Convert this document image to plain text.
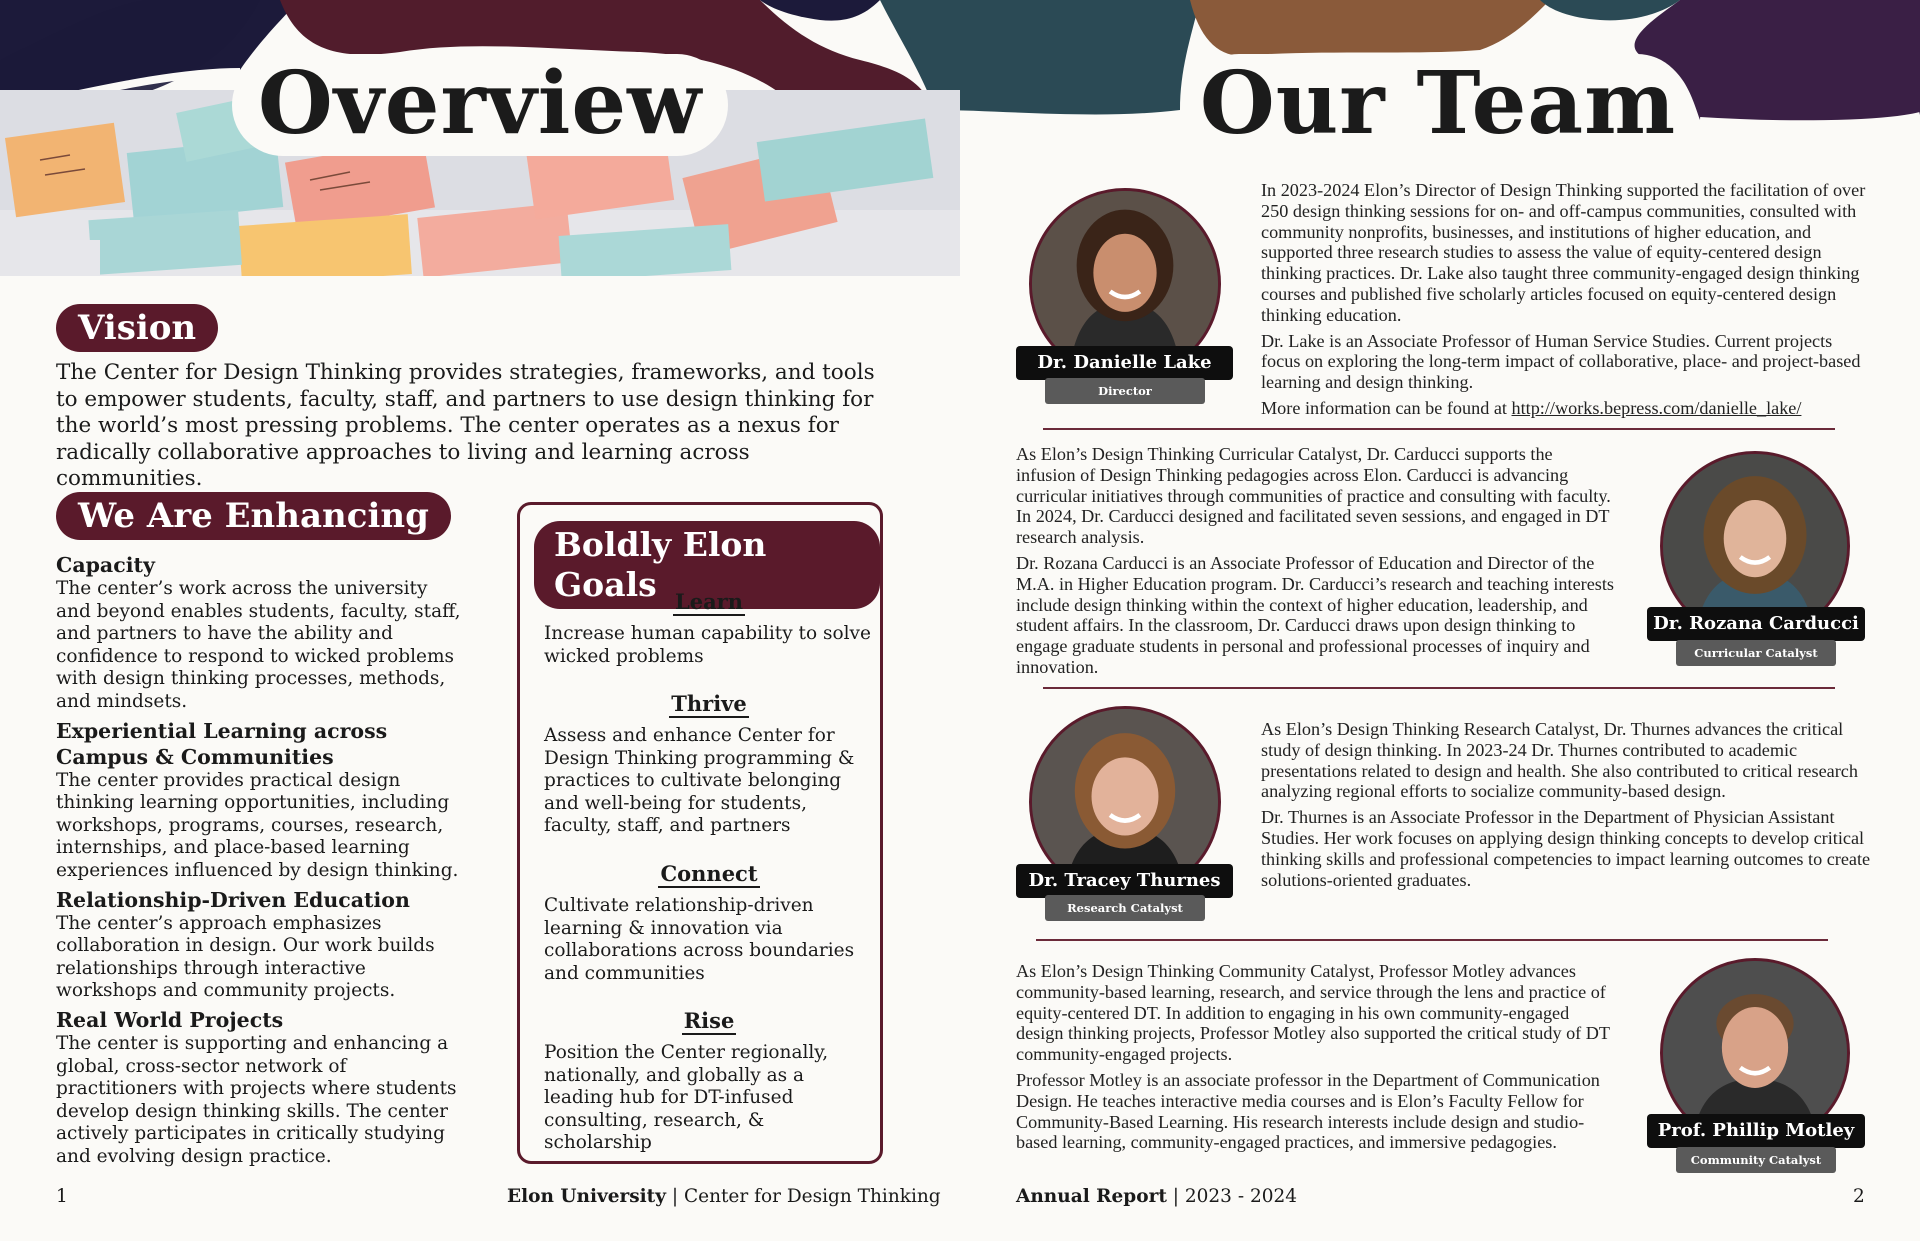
Overview	Our Team
Vision
The Center for Design Thinking provides strategies, frameworks, and tools to empower students, faculty, staff, and partners to use design thinking for the world’s most pressing problems. The center operates as a nexus for radically collaborative approaches to living and learning across communities.
We Are Enhancing
Capacity

The center’s work across the university and beyond enables students, faculty, staff, and partners to have the ability and confidence to respond to wicked problems with design thinking processes, methods, and mindsets.

Experiential Learning across Campus & Communities

The center provides practical design thinking learning opportunities, including workshops, programs, courses, research, internships, and place-based learning experiences influenced by design thinking.

Relationship-Driven Education

The center’s approach emphasizes collaboration in design. Our work builds relationships through interactive workshops and community projects.

Real World Projects

The center is supporting and enhancing a global, cross-sector network of practitioners with projects where students develop design thinking skills. The center actively participates in critically studying and evolving design practice.

Boldly Elon Goals Learn

Increase human capability to solve wicked problems

Thrive

Assess and enhance Center for Design Thinking programming & practices to cultivate belonging and well-being for students, faculty, staff, and partners

Connect

Cultivate relationship-driven learning & innovation via collaborations across boundaries and communities

Rise

Position the Center regionally, nationally, and globally as a leading hub for DT-infused consulting, research, & scholarship

1	Elon University | Center for Design Thinking
Dr. Danielle Lake
Director

In 2023-2024 Elon’s Director of Design Thinking supported the facilitation of over 250 design thinking sessions for on- and off-campus communities, consulted with community nonprofits, businesses, and institutions of higher education, and supported three research studies to assess the value of equity-centered design thinking practices. Dr. Lake also taught three community-engaged design thinking courses and published five scholarly articles focused on equity-centered design thinking education.

Dr. Lake is an Associate Professor of Human Service Studies. Current projects focus on exploring the long-term impact of collaborative, place- and project-based learning and design thinking.

More information can be found at http://works.bepress.com/danielle_lake/

As Elon’s Design Thinking Curricular Catalyst, Dr. Carducci supports the infusion of Design Thinking pedagogies across Elon. Carducci is advancing curricular initiatives through communities of practice and consulting with faculty. In 2024, Dr. Carducci designed and facilitated seven sessions, and engaged in DT research analysis.

Dr. Rozana Carducci is an Associate Professor of Education and Director of the M.A. in Higher Education program. Dr. Carducci’s research and teaching interests include design thinking within the context of higher education, leadership, and student affairs. In the classroom, Dr. Carducci draws upon design thinking to engage graduate students in personal and professional processes of inquiry and innovation.

Dr. Rozana Carducci
Curricular Catalyst
Dr. Tracey Thurnes
Research Catalyst

As Elon’s Design Thinking Research Catalyst, Dr. Thurnes advances the critical study of design thinking. In 2023-24 Dr. Thurnes contributed to academic presentations related to design and health. She also contributed to critical research analyzing regional efforts to socialize community-based design.

Dr. Thurnes is an Associate Professor in the Department of Physician Assistant Studies. Her work focuses on applying design thinking concepts to develop critical thinking skills and professional competencies to impact learning outcomes to create solutions-oriented graduates.

As Elon’s Design Thinking Community Catalyst, Professor Motley advances community-based learning, research, and service through the lens and practice of equity-centered DT. In addition to engaging in his own community-engaged design thinking projects, Professor Motley also supported the critical study of DT community-engaged projects.

Professor Motley is an associate professor in the Department of Communication Design. He teaches interactive media courses and is Elon’s Faculty Fellow for Community-Based Learning. His research interests include design and studio-based learning, community-engaged practices, and immersive pedagogies.

Prof. Phillip Motley
Community Catalyst
Annual Report | 2023 - 2024	2
